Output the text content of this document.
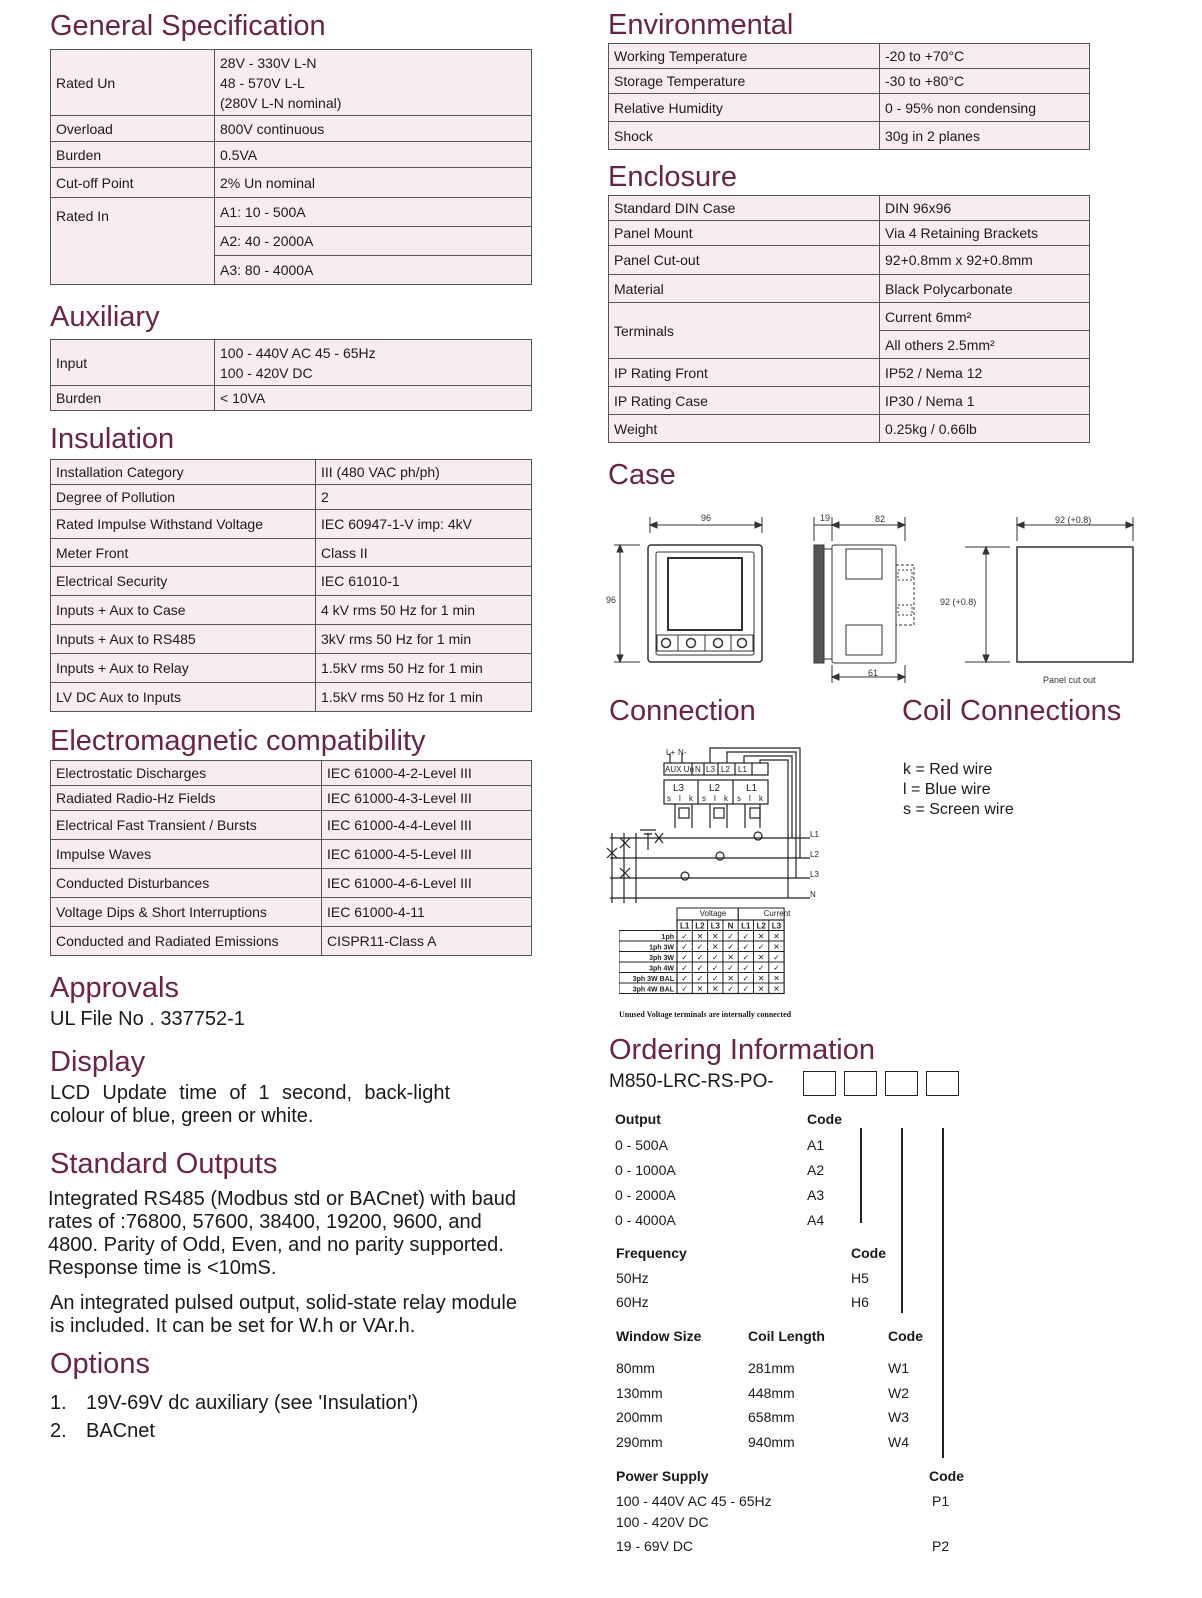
General Specification
Rated Un	28V - 330V L-N
48 - 570V L-L
(280V L-N nominal)

Overload	800V continuous
Burden	0.5VA
Cut-off Point	2% Un nominal
Rated In	A1: 10 - 500A
	A2: 40 - 2000A
	A3: 80 - 4000A
Auxiliary
Input	100 - 440V AC 45 - 65Hz
100 - 420V DC

Burden	< 10VA
Insulation
Installation Category	III (480 VAC ph/ph)
Degree of Pollution	2
Rated Impulse Withstand Voltage	IEC 60947-1-V imp: 4kV
Meter Front	Class II
Electrical Security	IEC 61010-1
Inputs + Aux to Case	4 kV rms 50 Hz for 1 min
Inputs + Aux to RS485	3kV rms 50 Hz for 1 min
Inputs + Aux to Relay	1.5kV rms 50 Hz for 1 min
LV DC Aux to Inputs	1.5kV rms 50 Hz for 1 min
Electromagnetic compatibility
Electrostatic Discharges	IEC 61000-4-2-Level III
Radiated Radio-Hz Fields	IEC 61000-4-3-Level III
Electrical Fast Transient / Bursts	IEC 61000-4-4-Level III
Impulse Waves	IEC 61000-4-5-Level III
Conducted Disturbances	IEC 61000-4-6-Level III
Voltage Dips & Short Interruptions	IEC 61000-4-11
Conducted and Radiated Emissions	CISPR11-Class A
Approvals

UL File No . 337752-1

Display

LCD Update time of 1 second, back-light colour of blue, green or white.

Standard Outputs

Integrated RS485 (Modbus std or BACnet) with baud rates of :76800, 57600, 38400, 19200, 9600, and 4800. Parity of Odd, Even, and no parity supported. Response time is <10mS.

An integrated pulsed output, solid-state relay module is included. It can be set for W.h or VAr.h.

Options
1. 19V-69V dc auxiliary (see 'Insulation')
2. BACnet
Environmental
Working Temperature	-20 to +70°C
Storage Temperature	-30 to +80°C
Relative Humidity	0 - 95% non condensing
Shock	30g in 2 planes
Enclosure
Standard DIN Case	DIN 96x96
Panel Mount	Via 4 Retaining Brackets
Panel Cut-out	92+0.8mm x 92+0.8mm
Material	Black Polycarbonate
Terminals	Current 6mm²
	All others 2.5mm²
IP Rating Front	IP52 / Nema 12
IP Rating Case	IP30 / Nema 1
Weight	0.25kg / 0.66lb
Case
96
96
19	82
61
92 (+0.8)
92 (+0.8)
Panel cut out
Connection	Coil Connections
k = Red wire
l = Blue wire
s = Screen wire
L+ N-
AUX Un N L3 L2 L1
L3 L2	L1
s l k s l k s l k
L1
L2
L3
N
Voltage	Current
L1 L2 L3 N L1 L2 L3
1ph ✓ ✕ ✕ ✓ ✓ ✕ ✕
1ph 3W ✓ ✓ ✕ ✓ ✓ ✓ ✕
3ph 3W ✓ ✓ ✓ ✕ ✓ ✕ ✓
3ph 4W ✓ ✓ ✓ ✓ ✓ ✓ ✓
3ph 3W BAL ✓ ✓ ✓ ✕ ✓ ✕ ✕
3ph 4W BAL ✓ ✕ ✕ ✓ ✓ ✕ ✕
Unused Voltage terminals are internally connected
Ordering Information
M850-LRC-RS-PO-
Output	Code
0 - 500A	A1
0 - 1000A	A2
0 - 2000A	A3
0 - 4000A	A4
Frequency	Code
50Hz	H5
60Hz	H6
Window Size	Coil Length	Code
80mm	281mm	W1
130mm	448mm	W2
200mm	658mm	W3
290mm	940mm	W4
Power Supply	Code
100 - 440V AC 45 - 65Hz	P1
100 - 420V DC
19 - 69V DC	P2
